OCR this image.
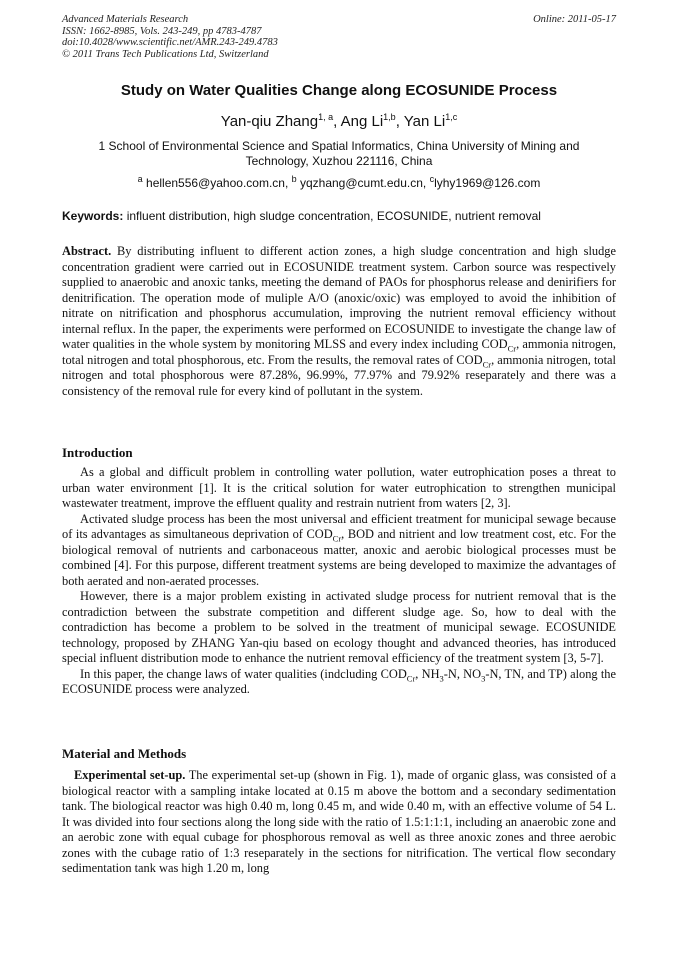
Advanced Materials Research
ISSN: 1662-8985, Vols. 243-249, pp 4783-4787
doi:10.4028/www.scientific.net/AMR.243-249.4783
© 2011 Trans Tech Publications Ltd, Switzerland
Online: 2011-05-17
Study on Water Qualities Change along ECOSUNIDE Process
Yan-qiu Zhang$^{1, a}$, Ang Li$^{1,b}$, Yan Li$^{1,c}$
1 School of Environmental Science and Spatial Informatics, China University of Mining and Technology, Xuzhou 221116, China
$^a$ hellen556@yahoo.com.cn, $^b$ yqzhang@cumt.edu.cn, $^c$lyhy1969@126.com
Keywords: influent distribution, high sludge concentration, ECOSUNIDE, nutrient removal

Abstract. By distributing influent to different action zones, a high sludge concentration and high sludge concentration gradient were carried out in ECOSUNIDE treatment system. Carbon source was respectively supplied to anaerobic and anoxic tanks, meeting the demand of PAOs for phosphorus release and denirifiers for denitrification. The operation mode of muliple A/O (anoxic/oxic) was employed to avoid the inhibition of nitrate on nitrification and phosphorus accumulation, improving the nutrient removal efficiency without internal reflux. In the paper, the experiments were performed on ECOSUNIDE to investigate the change law of water qualities in the whole system by monitoring MLSS and every index including $COD_{Cr}$, ammonia nitrogen, total nitrogen and total phosphorous, etc. From the results, the removal rates of $COD_{Cr}$, ammonia nitrogen, total nitrogen and total phosphorous were 87.28%, 96.99%, 77.97% and 79.92% reseparately and there was a consistency of the removal rule for every kind of pollutant in the system.

Introduction

As a global and difficult problem in controlling water pollution, water eutrophication poses a threat to urban water environment [1]. It is the critical solution for water eutrophication to strengthen municipal wastewater treatment, improve the effluent quality and restrain nutrient from waters [2, 3].

Activated sludge process has been the most universal and efficient treatment for municipal sewage because of its advantages as simultaneous deprivation of $COD_{Cr}$, BOD and nitrient and low treatment cost, etc. For the biological removal of nutrients and carbonaceous matter, anoxic and aerobic biological processes must be combined [4]. For this purpose, different treatment systems are being developed to maximize the advantages of both aerated and non-aerated processes.

However, there is a major problem existing in activated sludge process for nutrient removal that is the contradiction between the substrate competition and different sludge age. So, how to deal with the contradiction has become a problem to be solved in the treatment of municipal sewage. ECOSUNIDE technology, proposed by ZHANG Yan-qiu based on ecology thought and advanced theories, has introduced special influent distribution mode to enhance the nutrient removal efficiency of the treatment system [3, 5-7].

In this paper, the change laws of water qualities (indcluding $COD_{Cr}$, $NH_3-N$, $NO_3-N$, TN, and TP) along the ECOSUNIDE process were analyzed.

Material and Methods

Experimental set-up. The experimental set-up (shown in Fig. 1), made of organic glass, was consisted of a biological reactor with a sampling intake located at 0.15 m above the bottom and a secondary sedimentation tank. The biological reactor was high 0.40 m, long 0.45 m, and wide 0.40 m, with an effective volume of 54 L. It was divided into four sections along the long side with the ratio of 1.5:1:1:1, including an anaerobic zone and an aerobic zone with equal cubage for phosphorous removal as well as three anoxic zones and three aerobic zones with the cubage ratio of 1:3 reseparately in the sections for nitrification. The vertical flow secondary sedimentation tank was high 1.20 m, long
